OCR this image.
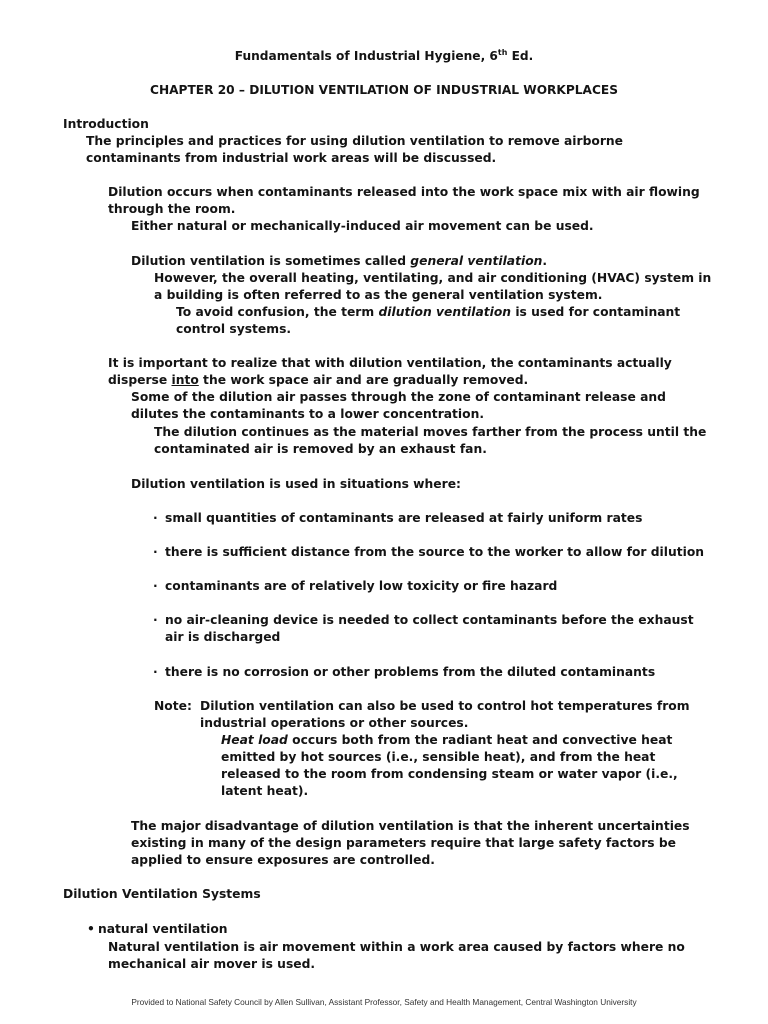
Fundamentals of Industrial Hygiene, 6th Ed.
CHAPTER 20 – DILUTION VENTILATION OF INDUSTRIAL WORKPLACES
Introduction
The principles and practices for using dilution ventilation to remove airborne
contaminants from industrial work areas will be discussed.
Dilution occurs when contaminants released into the work space mix with air flowing
through the room.
Either natural or mechanically-induced air movement can be used.
Dilution ventilation is sometimes called general ventilation.
However, the overall heating, ventilating, and air conditioning (HVAC) system in
a building is often referred to as the general ventilation system.
To avoid confusion, the term dilution ventilation is used for contaminant
control systems.
It is important to realize that with dilution ventilation, the contaminants actually
disperse into the work space air and are gradually removed.
Some of the dilution air passes through the zone of contaminant release and
dilutes the contaminants to a lower concentration.
The dilution continues as the material moves farther from the process until the
contaminated air is removed by an exhaust fan.
Dilution ventilation is used in situations where:
· small quantities of contaminants are released at fairly uniform rates
· there is sufficient distance from the source to the worker to allow for dilution
· contaminants are of relatively low toxicity or fire hazard
· no air-cleaning device is needed to collect contaminants before the exhaust
air is discharged
· there is no corrosion or other problems from the diluted contaminants
Note: Dilution ventilation can also be used to control hot temperatures from
industrial operations or other sources.
Heat load occurs both from the radiant heat and convective heat
emitted by hot sources (i.e., sensible heat), and from the heat
released to the room from condensing steam or water vapor (i.e.,
latent heat).
The major disadvantage of dilution ventilation is that the inherent uncertainties
existing in many of the design parameters require that large safety factors be
applied to ensure exposures are controlled.
Dilution Ventilation Systems
• natural ventilation
Natural ventilation is air movement within a work area caused by factors where no
mechanical air mover is used.
Provided to National Safety Council by Allen Sullivan, Assistant Professor, Safety and Health Management, Central Washington University
